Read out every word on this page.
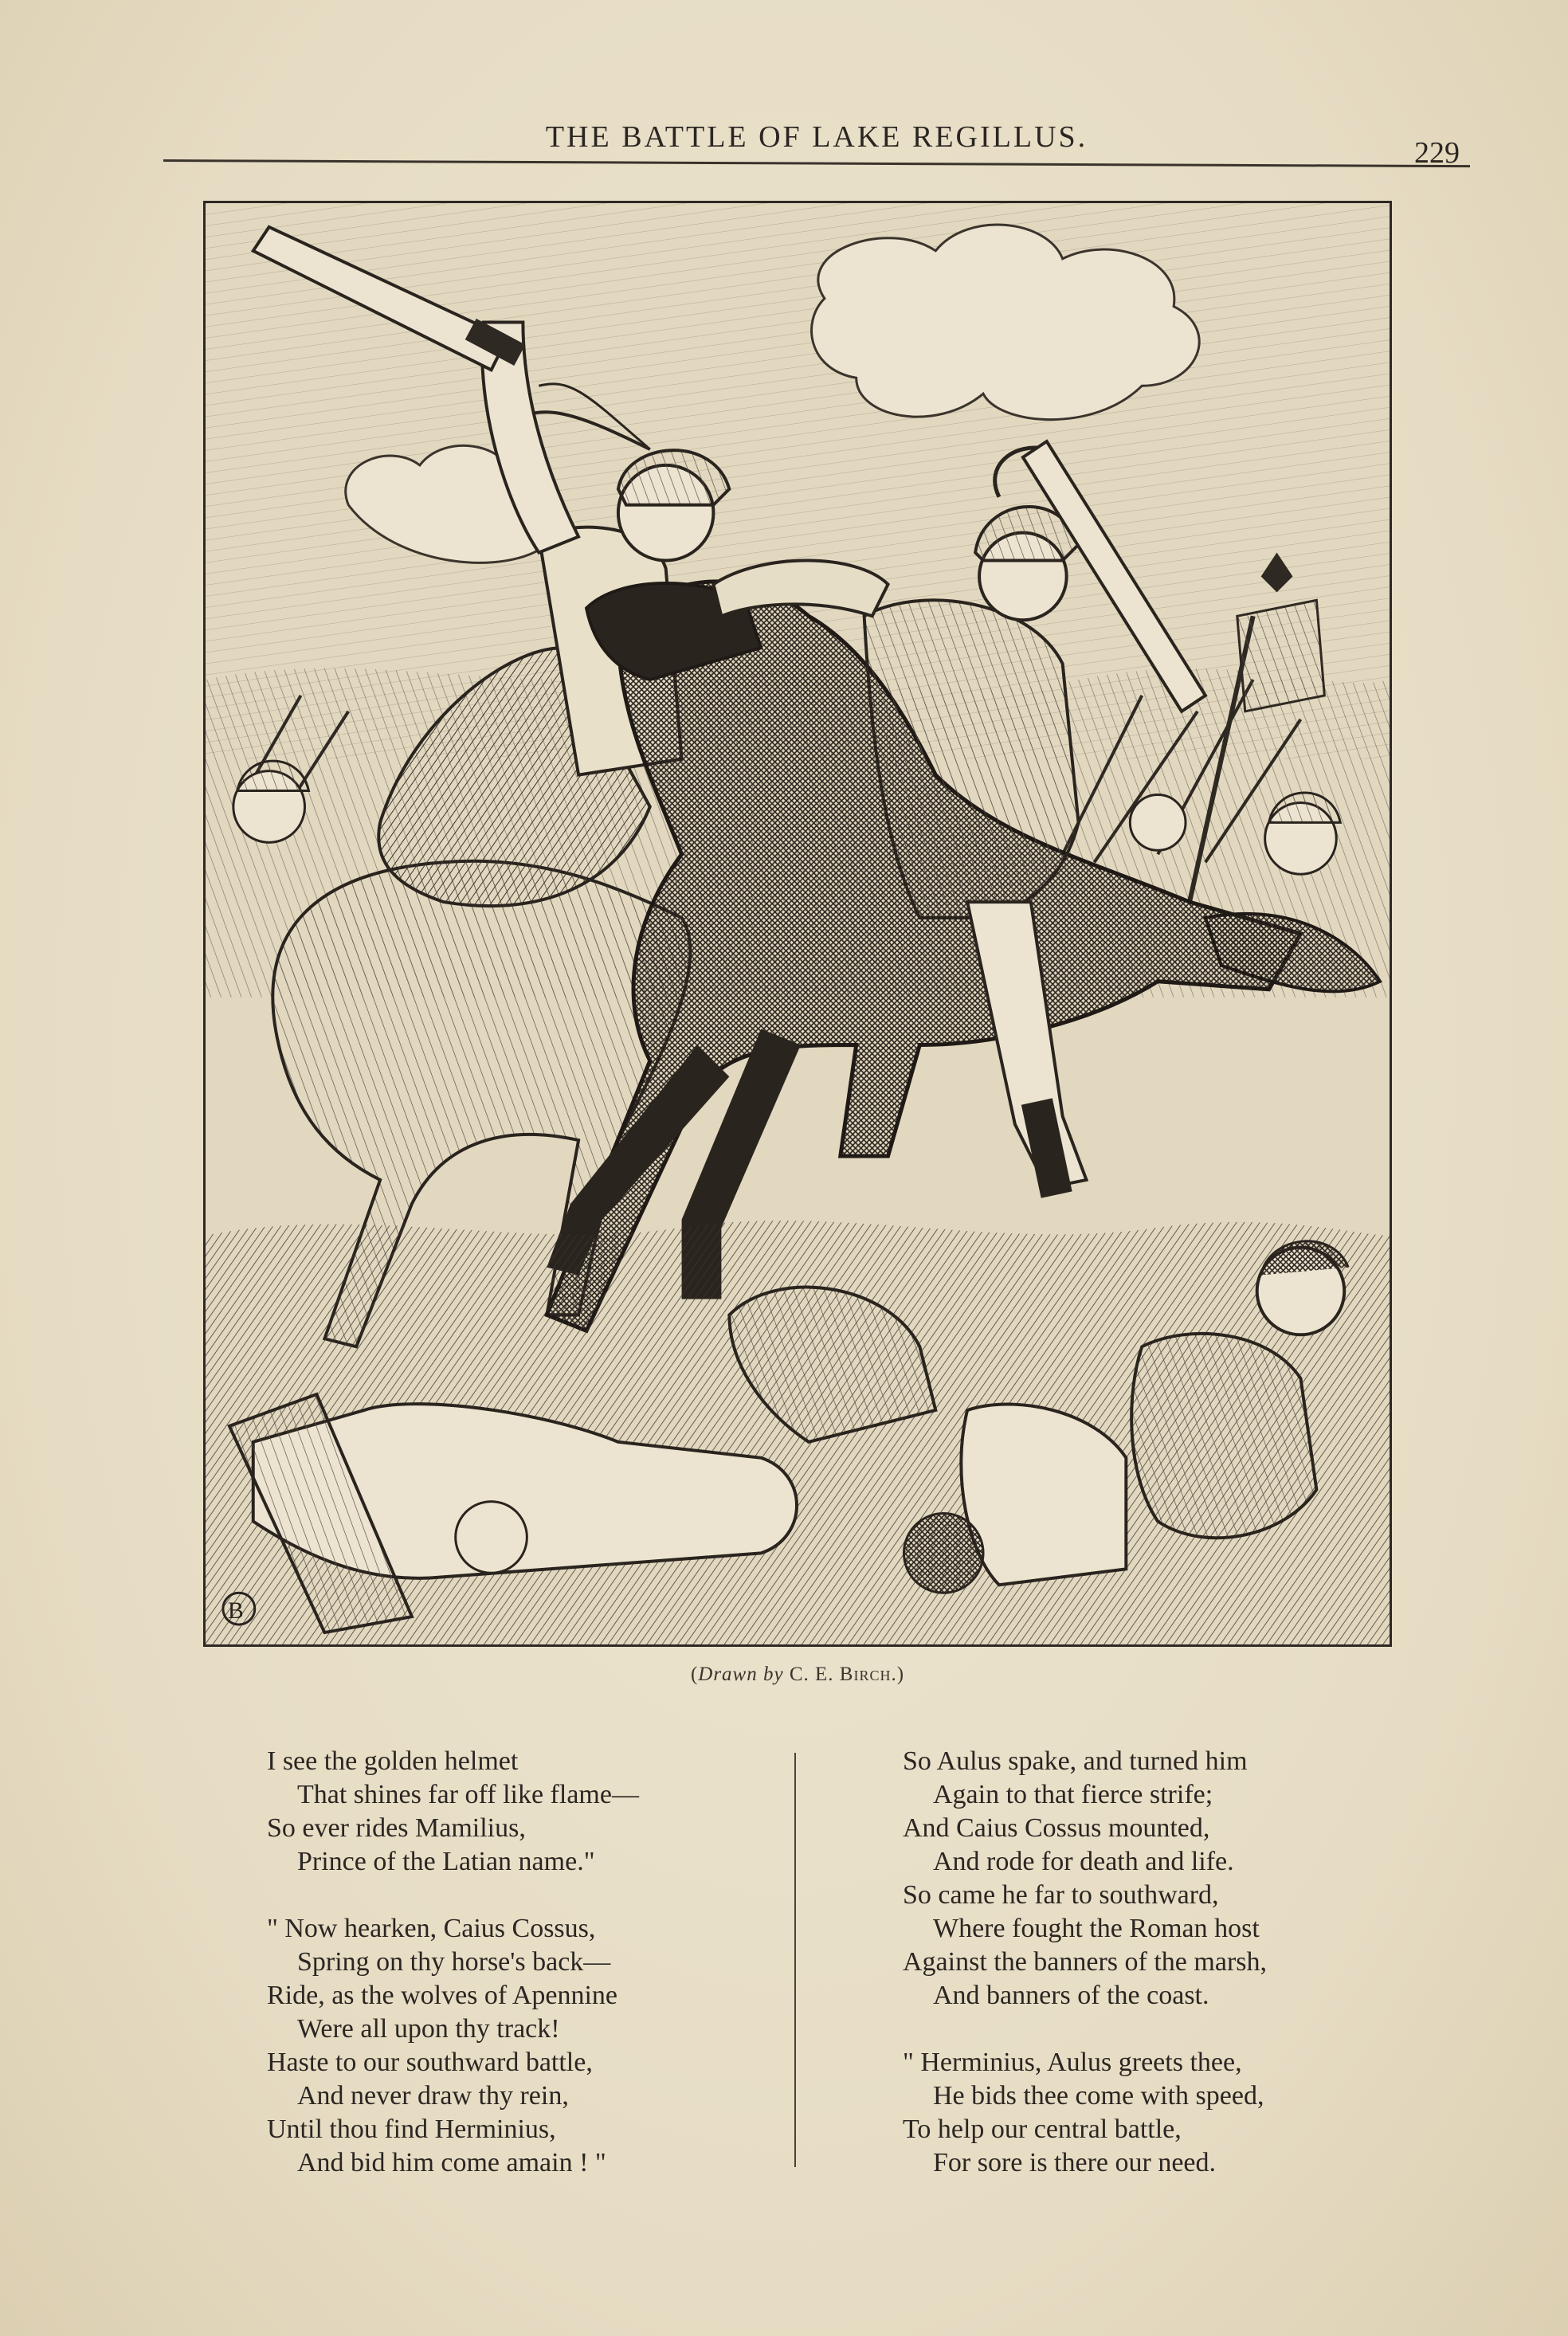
THE BATTLE OF LAKE REGILLUS.	229
B
(Drawn by C. E. Birch.)
I see the golden helmet
That shines far off like flame—
So ever rides Mamilius,
Prince of the Latian name."
" Now hearken, Caius Cossus,
Spring on thy horse's back—
Ride, as the wolves of Apennine
Were all upon thy track!
Haste to our southward battle,
And never draw thy rein,
Until thou find Herminius,
And bid him come amain ! "
So Aulus spake, and turned him
Again to that fierce strife;
And Caius Cossus mounted,
And rode for death and life.
So came he far to southward,
Where fought the Roman host
Against the banners of the marsh,
And banners of the coast.
" Herminius, Aulus greets thee,
He bids thee come with speed,
To help our central battle,
For sore is there our need.
